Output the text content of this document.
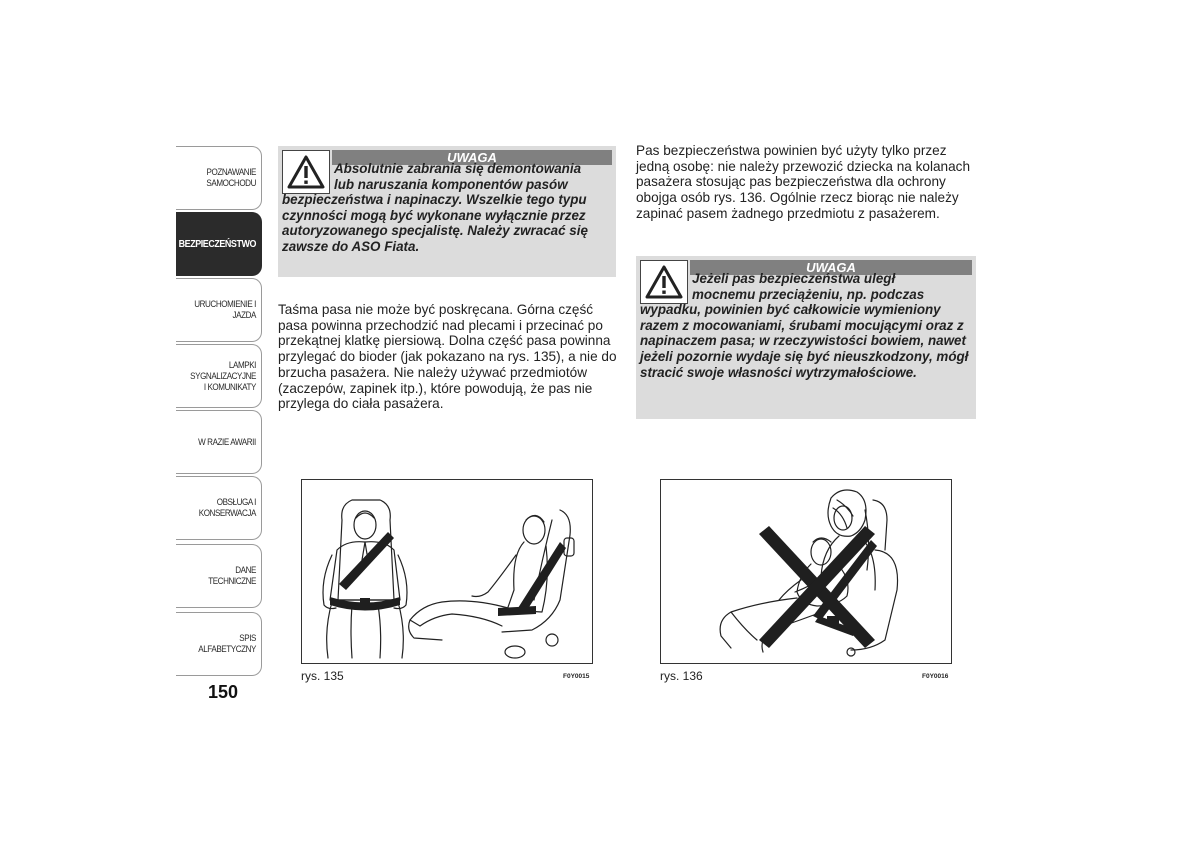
POZNAWANIE SAMOCHODU
BEZPIECZEŃSTWO
URUCHOMIENIE I JAZDA
LAMPKI SYGNALIZACYJNE I KOMUNIKATY
W RAZIE AWARII
OBSŁUGA I KONSERWACJA
DANE TECHNICZNE
SPIS ALFABETYCZNY
150
UWAGA
Absolutnie zabrania się demontowania
lub naruszania komponentów pasów
bezpieczeństwa i napinaczy. Wszelkie tego typu czynności mogą być wykonane wyłącznie przez autoryzowanego specjalistę. Należy zwracać się zawsze do ASO Fiata.

Taśma pasa nie może być poskręcana. Górna część pasa powinna przechodzić nad plecami i przecinać po przekątnej klatkę piersiową. Dolna część pasa powinna przylegać do bioder (jak pokazano na rys. 135), a nie do brzucha pasażera. Nie należy używać przedmiotów (zaczepów, zapinek itp.), które powodują, że pas nie przylega do ciała pasażera.

Pas bezpieczeństwa powinien być użyty tylko przez jedną osobę: nie należy przewozić dziecka na kolanach pasażera stosując pas bezpieczeństwa dla ochrony obojga osób rys. 136. Ogólnie rzecz biorąc nie należy zapinać pasem żadnego przedmiotu z pasażerem.

UWAGA
Jeżeli pas bezpieczeństwa uległ
mocnemu przeciążeniu, np. podczas
wypadku, powinien być całkowicie wymieniony razem z mocowaniami, śrubami mocującymi oraz z napinaczem pasa; w rzeczywistości bowiem, nawet jeżeli pozornie wydaje się być nieuszkodzony, mógł stracić swoje własności wytrzymałościowe.
rys. 135	F0Y0015	rys. 136	F0Y0016
